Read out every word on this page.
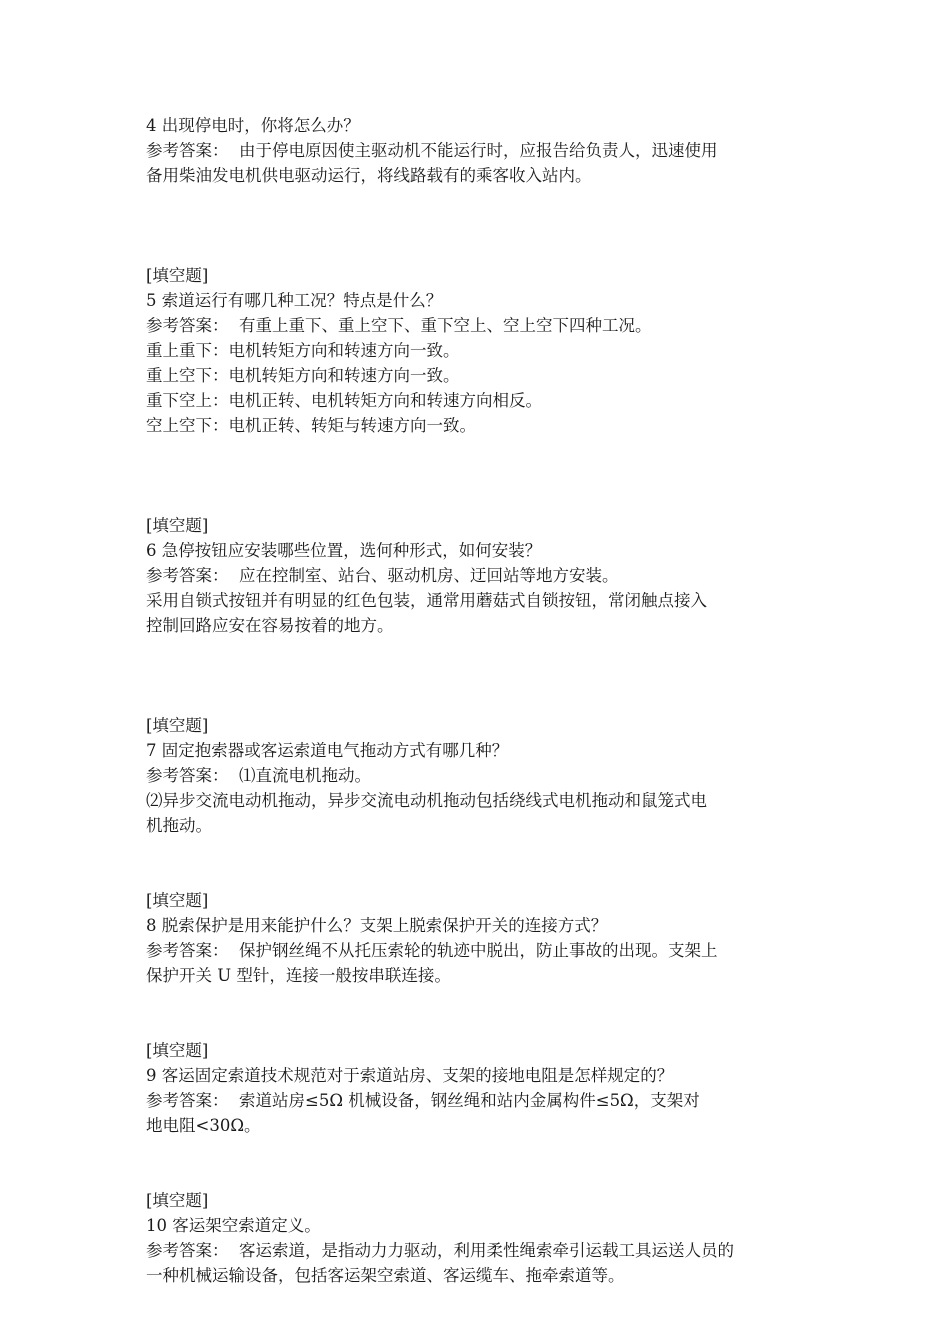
4 出现停电时，你将怎么办？
参考答案：  由于停电原因使主驱动机不能运行时，应报告给负责人，迅速使用
备用柴油发电机供电驱动运行，将线路载有的乘客收入站内。
[填空题]
5 索道运行有哪几种工况？特点是什么？
参考答案：  有重上重下、重上空下、重下空上、空上空下四种工况。
重上重下：电机转矩方向和转速方向一致。
重上空下：电机转矩方向和转速方向一致。
重下空上：电机正转、电机转矩方向和转速方向相反。
空上空下：电机正转、转矩与转速方向一致。
[填空题]
6 急停按钮应安装哪些位置，选何种形式，如何安装？
参考答案：  应在控制室、站台、驱动机房、迂回站等地方安装。
采用自锁式按钮并有明显的红色包装，通常用蘑菇式自锁按钮，常闭触点接入
控制回路应安在容易按着的地方。
[填空题]
7 固定抱索器或客运索道电气拖动方式有哪几种？
参考答案：  ⑴直流电机拖动。
⑵异步交流电动机拖动，异步交流电动机拖动包括绕线式电机拖动和鼠笼式电
机拖动。
[填空题]
8 脱索保护是用来能护什么？支架上脱索保护开关的连接方式？
参考答案：  保护钢丝绳不从托压索轮的轨迹中脱出，防止事故的出现。支架上
保护开关 U 型针，连接一般按串联连接。
[填空题]
9 客运固定索道技术规范对于索道站房、支架的接地电阻是怎样规定的？
参考答案：  索道站房≤5Ω 机械设备，钢丝绳和站内金属构件≤5Ω，支架对
地电阻<30Ω。
[填空题]
10 客运架空索道定义。
参考答案：  客运索道，是指动力力驱动，利用柔性绳索牵引运载工具运送人员的
一种机械运输设备，包括客运架空索道、客运缆车、拖牵索道等。
